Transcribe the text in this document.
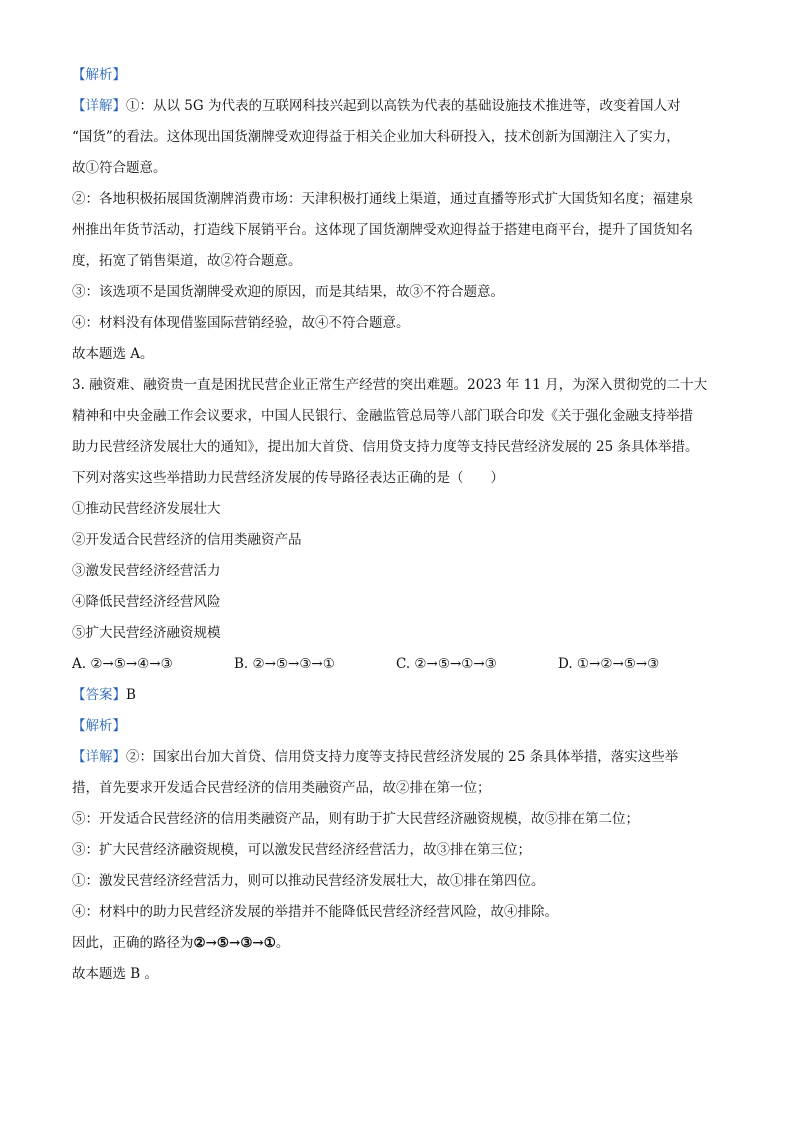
【解析】
【详解】①：从以 5G 为代表的互联网科技兴起到以高铁为代表的基础设施技术推进等，改变着国人对
“国货”的看法。这体现出国货潮牌受欢迎得益于相关企业加大科研投入，技术创新为国潮注入了实力，
故①符合题意。
②：各地积极拓展国货潮牌消费市场：天津积极打通线上渠道，通过直播等形式扩大国货知名度；福建泉
州推出年货节活动，打造线下展销平台。这体现了国货潮牌受欢迎得益于搭建电商平台，提升了国货知名
度，拓宽了销售渠道，故②符合题意。
③：该选项不是国货潮牌受欢迎的原因，而是其结果，故③不符合题意。
④：材料没有体现借鉴国际营销经验，故④不符合题意。
故本题选 A。
3. 融资难、融资贵一直是困扰民营企业正常生产经营的突出难题。2023 年 11 月，为深入贯彻党的二十大
精神和中央金融工作会议要求，中国人民银行、金融监管总局等八部门联合印发《关于强化金融支持举措
助力民营经济发展壮大的通知》，提出加大首贷、信用贷支持力度等支持民营经济发展的 25 条具体举措。
下列对落实这些举措助力民营经济发展的传导路径表达正确的是（　　）
①推动民营经济发展壮大
②开发适合民营经济的信用类融资产品
③激发民营经济经营活力
④降低民营经济经营风险
⑤扩大民营经济融资规模
A. ②→⑤→④→③	B. ②→⑤→③→①	C. ②→⑤→①→③	D. ①→②→⑤→③
【答案】B
【解析】
【详解】②：国家出台加大首贷、信用贷支持力度等支持民营经济发展的 25 条具体举措，落实这些举
措，首先要求开发适合民营经济的信用类融资产品，故②排在第一位；
⑤：开发适合民营经济的信用类融资产品，则有助于扩大民营经济融资规模，故⑤排在第二位；
③：扩大民营经济融资规模，可以激发民营经济经营活力，故③排在第三位；
①：激发民营经济经营活力，则可以推动民营经济发展壮大，故①排在第四位。
④：材料中的助力民营经济发展的举措并不能降低民营经济经营风险，故④排除。
因此，正确的路径为②→⑤→③→①。
故本题选 B 。
